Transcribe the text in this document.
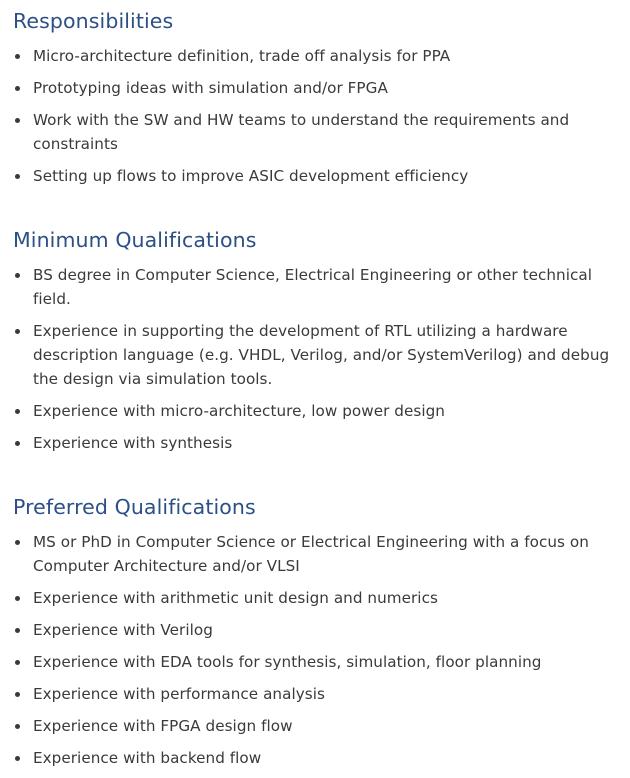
Responsibilities
Micro-architecture definition, trade off analysis for PPA
Prototyping ideas with simulation and/or FPGA
Work with the SW and HW teams to understand the requirements and constraints
Setting up flows to improve ASIC development efficiency
Minimum Qualifications
BS degree in Computer Science, Electrical Engineering or other technical field.
Experience in supporting the development of RTL utilizing a hardware description language (e.g. VHDL, Verilog, and/or SystemVerilog) and debug the design via simulation tools.
Experience with micro-architecture, low power design
Experience with synthesis
Preferred Qualifications
MS or PhD in Computer Science or Electrical Engineering with a focus on Computer Architecture and/or VLSI
Experience with arithmetic unit design and numerics
Experience with Verilog
Experience with EDA tools for synthesis, simulation, floor planning
Experience with performance analysis
Experience with FPGA design flow
Experience with backend flow
